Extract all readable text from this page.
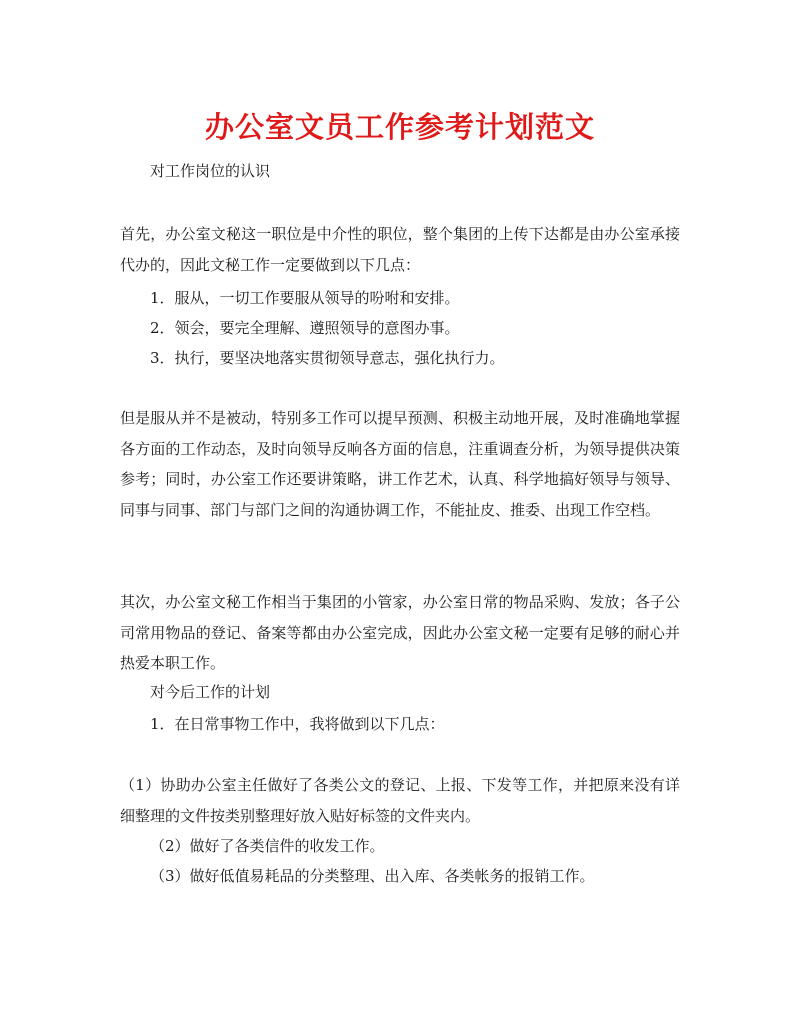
办公室文员工作参考计划范文
对工作岗位的认识
首先，办公室文秘这一职位是中介性的职位，整个集团的上传下达都是由办公室承接代办的，因此文秘工作一定要做到以下几点：
1．服从，一切工作要服从领导的吩咐和安排。
2．领会，要完全理解、遵照领导的意图办事。
3．执行，要坚决地落实贯彻领导意志，强化执行力。
但是服从并不是被动，特别多工作可以提早预测、积极主动地开展，及时准确地掌握各方面的工作动态，及时向领导反响各方面的信息，注重调查分析，为领导提供决策参考；同时，办公室工作还要讲策略，讲工作艺术，认真、科学地搞好领导与领导、同事与同事、部门与部门之间的沟通协调工作，不能扯皮、推委、出现工作空档。
其次，办公室文秘工作相当于集团的小管家，办公室日常的物品采购、发放；各子公司常用物品的登记、备案等都由办公室完成，因此办公室文秘一定要有足够的耐心并热爱本职工作。
对今后工作的计划
1．在日常事物工作中，我将做到以下几点：
（1）协助办公室主任做好了各类公文的登记、上报、下发等工作，并把原来没有详细整理的文件按类别整理好放入贴好标签的文件夹内。
（2）做好了各类信件的收发工作。
（3）做好低值易耗品的分类整理、出入库、各类帐务的报销工作。
